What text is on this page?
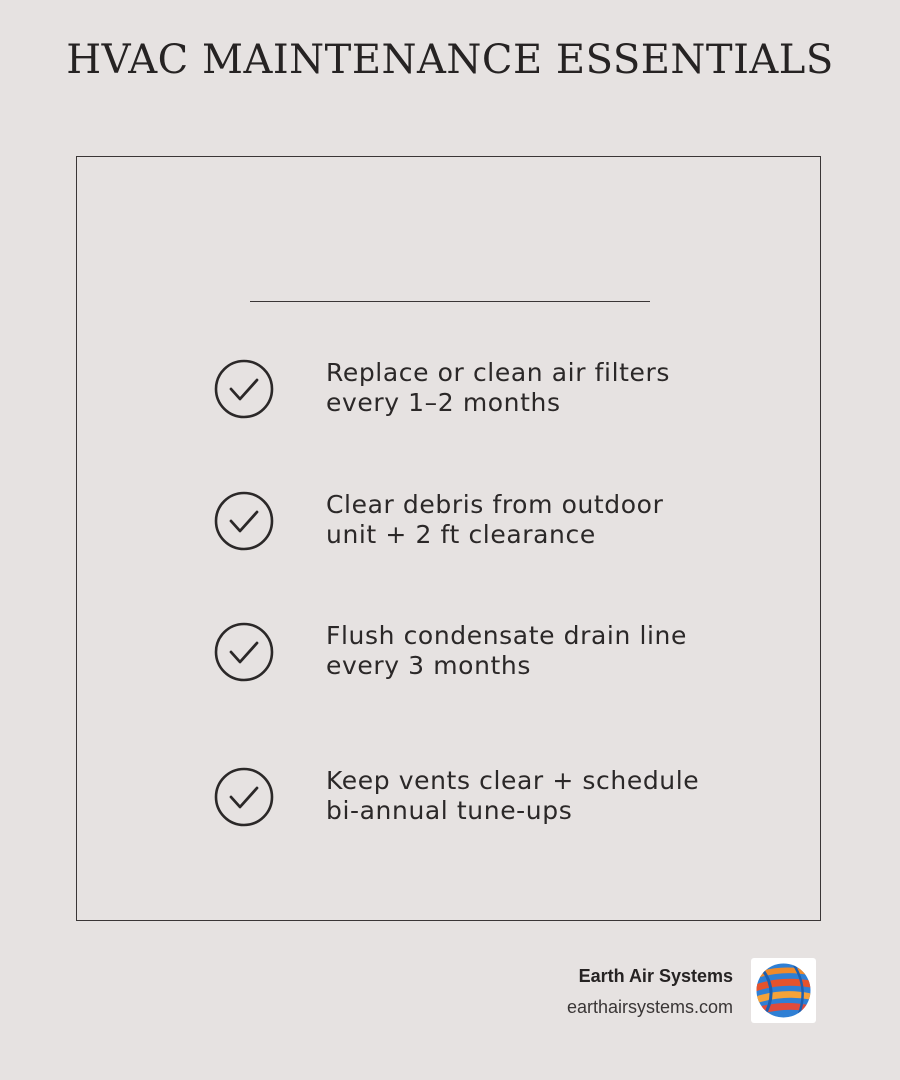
HVAC MAINTENANCE ESSENTIALS
Replace or clean air filters
every 1–2 months
Clear debris from outdoor
unit + 2 ft clearance
Flush condensate drain line
every 3 months
Keep vents clear + schedule
bi-annual tune-ups
Earth Air Systems
earthairsystems.com
